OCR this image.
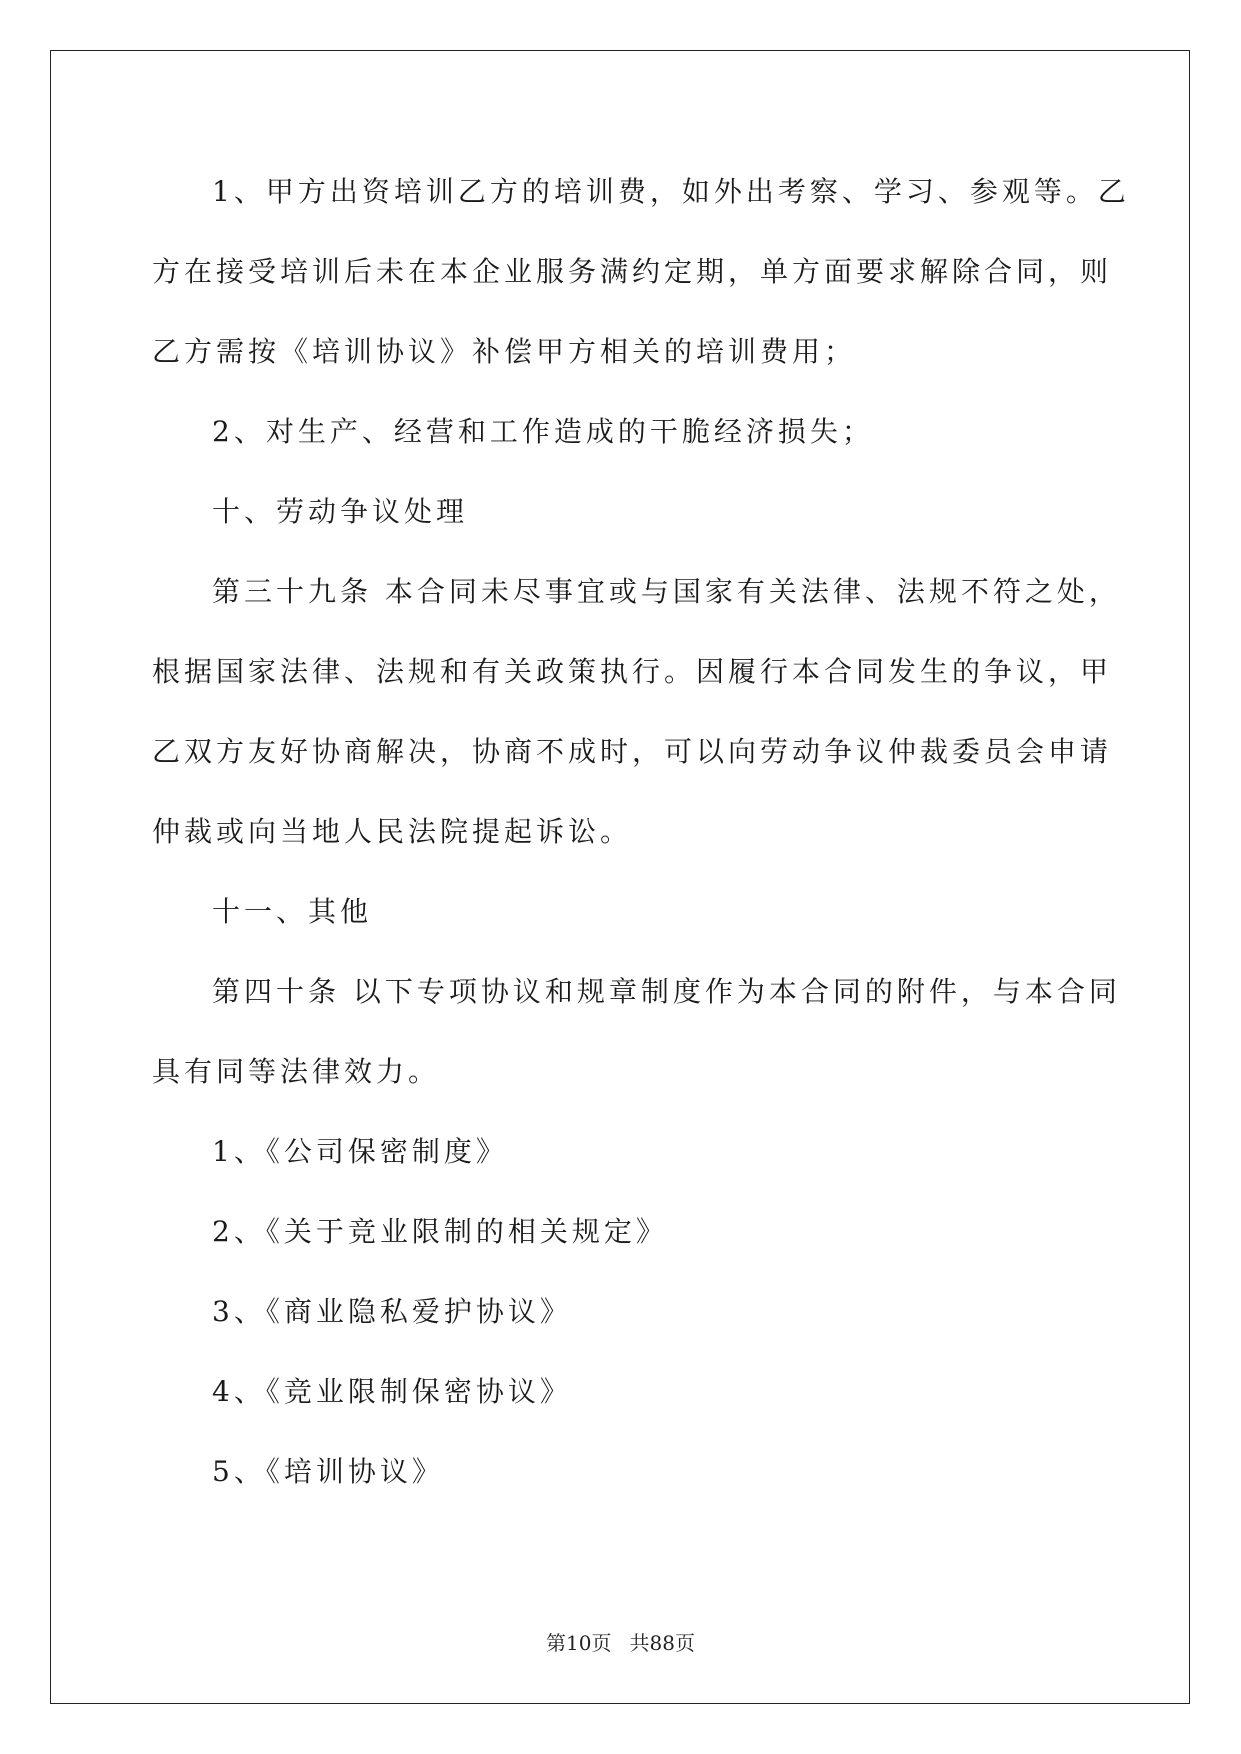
1、甲方出资培训乙方的培训费，如外出考察、学习、参观等。乙
方在接受培训后未在本企业服务满约定期，单方面要求解除合同，则
乙方需按《培训协议》补偿甲方相关的培训费用；
2、对生产、经营和工作造成的干脆经济损失；
十、劳动争议处理
第三十九条 本合同未尽事宜或与国家有关法律、法规不符之处，
根据国家法律、法规和有关政策执行。因履行本合同发生的争议，甲
乙双方友好协商解决，协商不成时，可以向劳动争议仲裁委员会申请
仲裁或向当地人民法院提起诉讼。
十一、其他
第四十条 以下专项协议和规章制度作为本合同的附件，与本合同
具有同等法律效力。
1、《公司保密制度》
2、《关于竞业限制的相关规定》
3、《商业隐私爱护协议》
4、《竞业限制保密协议》
5、《培训协议》
第10页 共88页
